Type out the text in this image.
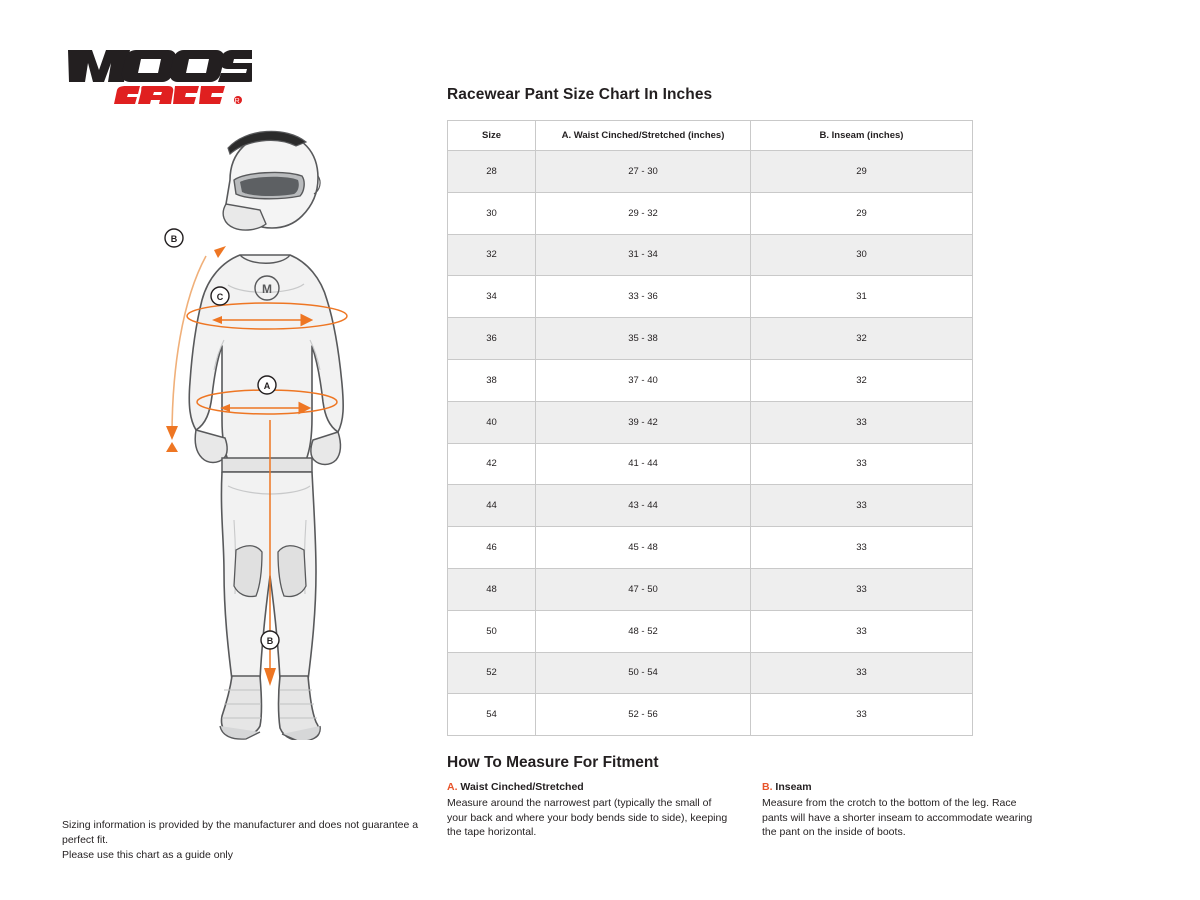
R
B
C
A
B
M
Sizing information is provided by the manufacturer and does not guarantee a perfect fit.
Please use this chart as a guide only
Racewear Pant Size Chart In Inches
Size	A. Waist Cinched/Stretched (inches)	B. Inseam (inches)
28	27 - 30	29
30	29 - 32	29
32	31 - 34	30
34	33 - 36	31
36	35 - 38	32
38	37 - 40	32
40	39 - 42	33
42	41 - 44	33
44	43 - 44	33
46	45 - 48	33
48	47 - 50	33
50	48 - 52	33
52	50 - 54	33
54	52 - 56	33
How To Measure For Fitment
A. Waist Cinched/Stretched

Measure around the narrowest part (typically the small of your back and where your body bends side to side), keeping the tape horizontal.

B. Inseam

Measure from the crotch to the bottom of the leg. Race pants will have a shorter inseam to accommodate wearing the pant on the inside of boots.
